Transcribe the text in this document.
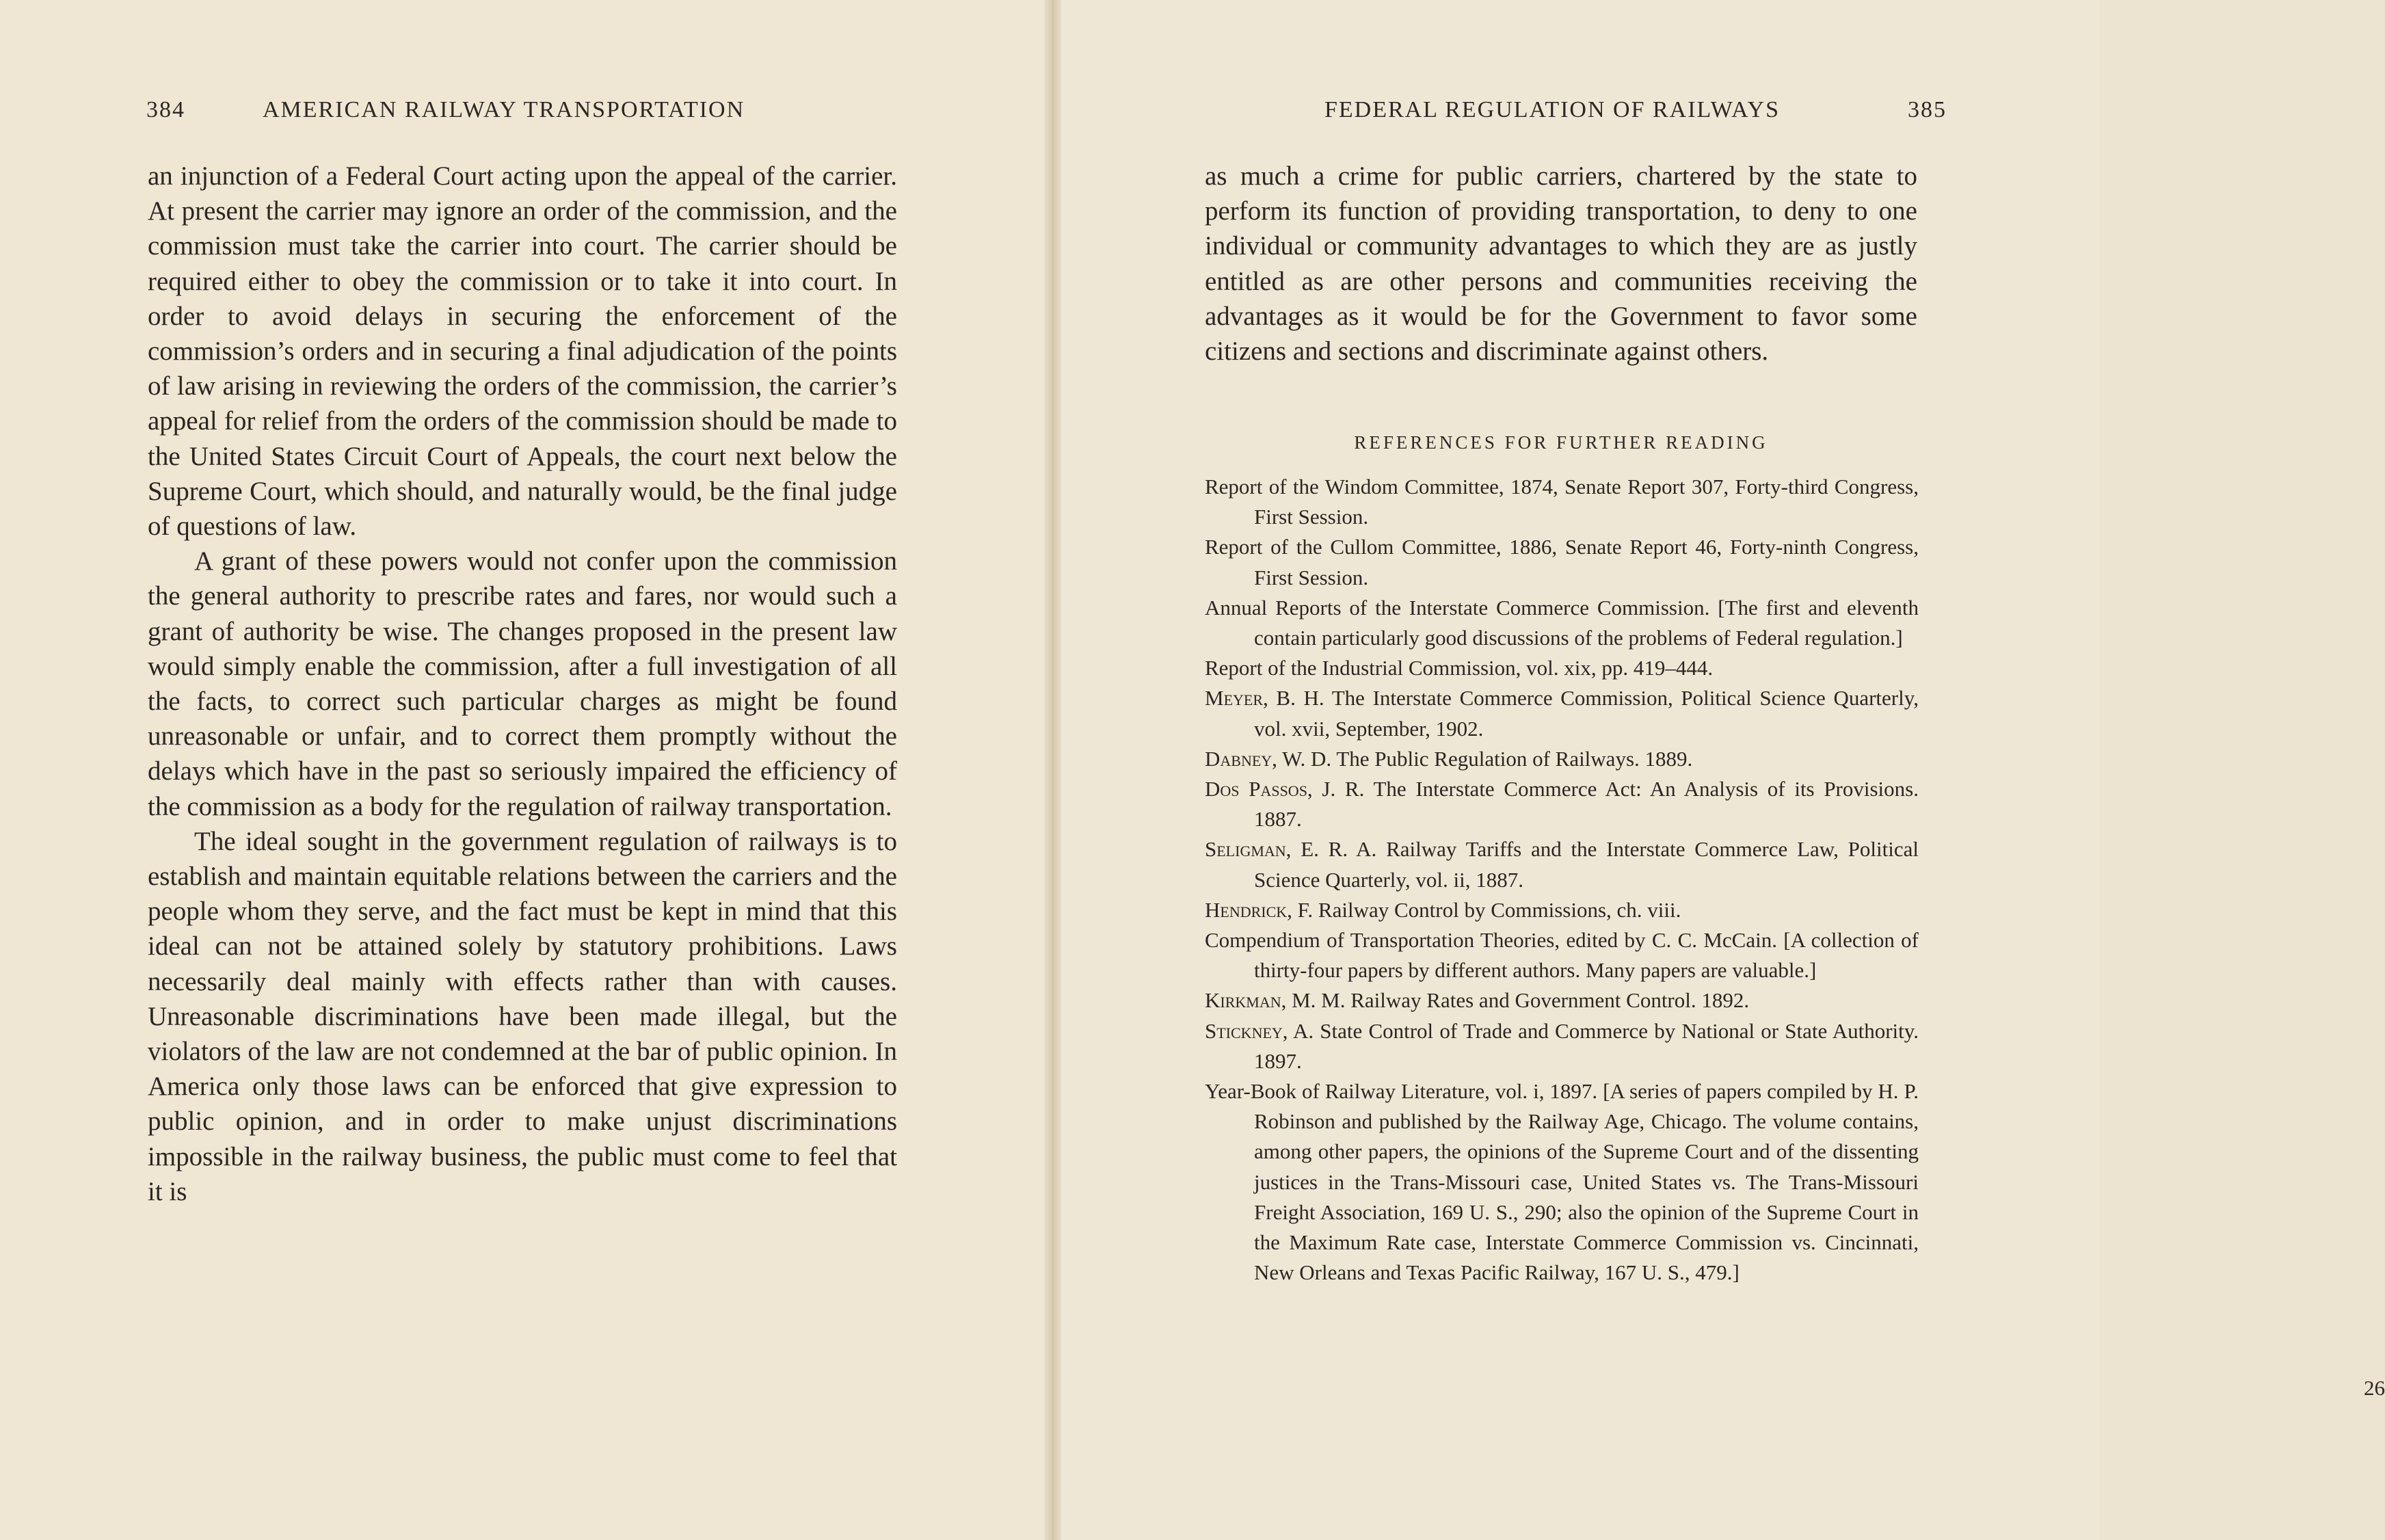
384	AMERICAN RAILWAY TRANSPORTATION

an injunction of a Federal Court acting upon the appeal of the carrier. At present the carrier may ignore an order of the commission, and the commission must take the carrier into court. The carrier should be required either to obey the commission or to take it into court. In order to avoid delays in securing the enforcement of the commission’s orders and in securing a final adjudication of the points of law arising in reviewing the orders of the commission, the carrier’s appeal for relief from the orders of the commission should be made to the United States Circuit Court of Appeals, the court next below the Supreme Court, which should, and naturally would, be the final judge of questions of law.

A grant of these powers would not confer upon the commission the general authority to prescribe rates and fares, nor would such a grant of authority be wise. The changes proposed in the present law would simply enable the commission, after a full investigation of all the facts, to correct such particular charges as might be found unreasonable or unfair, and to correct them promptly without the delays which have in the past so seriously impaired the efficiency of the commission as a body for the regulation of railway transportation.

The ideal sought in the government regulation of railways is to establish and maintain equitable relations between the carriers and the people whom they serve, and the fact must be kept in mind that this ideal can not be attained solely by statutory prohibitions. Laws necessarily deal mainly with effects rather than with causes. Unreasonable discriminations have been made illegal, but the violators of the law are not condemned at the bar of public opinion. In America only those laws can be enforced that give expression to public opinion, and in order to make unjust discriminations impossible in the railway business, the public must come to feel that it is

FEDERAL REGULATION OF RAILWAYS	385

as much a crime for public carriers, chartered by the state to perform its function of providing transportation, to deny to one individual or community advantages to which they are as justly entitled as are other persons and communities receiving the advantages as it would be for the Government to favor some citizens and sections and discriminate against others.

REFERENCES FOR FURTHER READING

Report of the Windom Committee, 1874, Senate Report 307, Forty-third Congress, First Session.

Report of the Cullom Committee, 1886, Senate Report 46, Forty-ninth Congress, First Session.

Annual Reports of the Interstate Commerce Commission. [The first and eleventh contain particularly good discussions of the problems of Federal regulation.]

Report of the Industrial Commission, vol. xix, pp. 419–444.

Meyer, B. H. The Interstate Commerce Commission, Political Science Quarterly, vol. xvii, September, 1902.

Dabney, W. D. The Public Regulation of Railways. 1889.

Dos Passos, J. R. The Interstate Commerce Act: An Analysis of its Provisions. 1887.

Seligman, E. R. A. Railway Tariffs and the Interstate Commerce Law, Political Science Quarterly, vol. ii, 1887.

Hendrick, F. Railway Control by Commissions, ch. viii.

Compendium of Transportation Theories, edited by C. C. McCain. [A collection of thirty-four papers by different authors. Many papers are valuable.]

Kirkman, M. M. Railway Rates and Government Control. 1892.

Stickney, A. State Control of Trade and Commerce by National or State Authority. 1897.

Year-Book of Railway Literature, vol. i, 1897. [A series of papers compiled by H. P. Robinson and published by the Railway Age, Chicago. The volume contains, among other papers, the opinions of the Supreme Court and of the dissenting justices in the Trans-Missouri case, United States vs. The Trans-Missouri Freight Association, 169 U. S., 290; also the opinion of the Supreme Court in the Maximum Rate case, Interstate Commerce Commission vs. Cincinnati, New Orleans and Texas Pacific Railway, 167 U. S., 479.]

26
